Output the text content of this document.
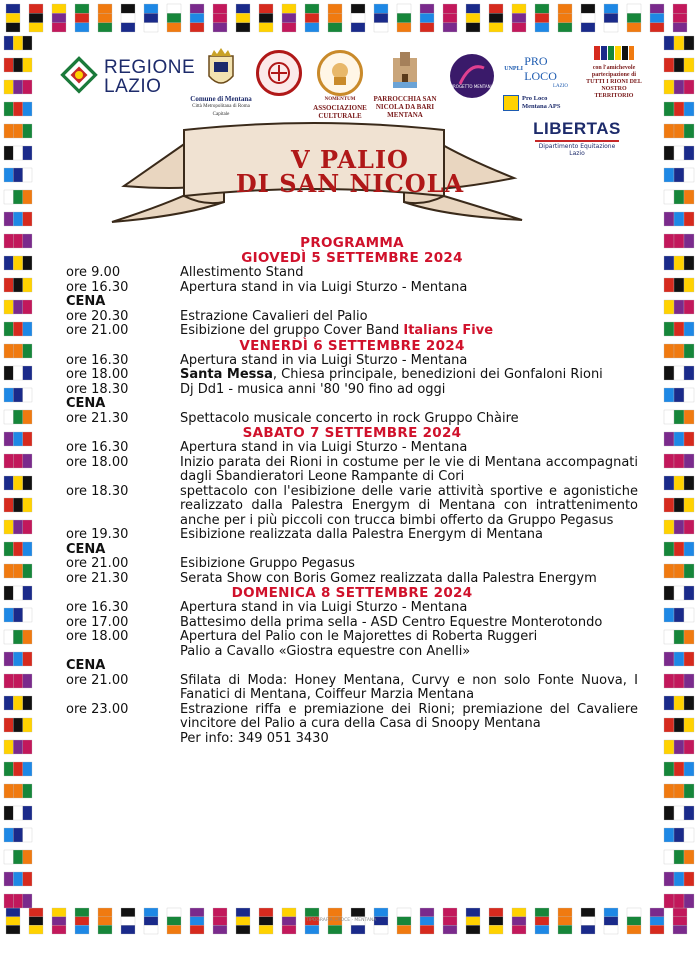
REGIONE
LAZIO
Comune di Mentana
Città Metropolitana di Roma Capitale
NOMENTUM
ASSOCIAZIONE CULTURALE
PARROCCHIA SAN NICOLA DA BARI MENTANA
PROGETTO MENTANA
UNPLI
PRO LOCO
LAZIO
Pro Loco Mentana APS
con l'amichevole partecipazione di TUTTI I RIONI DEL NOSTRO TERRITORIO
LIBERTAS
Dipartimento Equitazione Lazio
V PALIO
DI SAN NICOLA
PROGRAMMA
GIOVEDÌ 5 SETTEMBRE 2024
ore 9.00	Allestimento Stand
ore 16.30	Apertura stand in via Luigi Sturzo - Mentana
CENA
ore 20.30	Estrazione Cavalieri del Palio
ore 21.00	Esibizione del gruppo Cover Band Italians Five
VENERDÌ 6 SETTEMBRE 2024
ore 16.30	Apertura stand in via Luigi Sturzo - Mentana
ore 18.00	Santa Messa, Chiesa principale, benedizioni dei Gonfaloni Rioni
ore 18.30	Dj Dd1 - musica anni '80 '90 fino ad oggi
CENA
ore 21.30	Spettacolo musicale concerto in rock Gruppo Chàire
SABATO 7 SETTEMBRE 2024
ore 16.30	Apertura stand in via Luigi Sturzo - Mentana
ore 18.00	Inizio parata dei Rioni in costume per le vie di Mentana accompagnati dagli Sbandieratori Leone Rampante di Cori
ore 18.30	spettacolo con l'esibizione delle varie attività sportive e agonistiche realizzato dalla Palestra Energym di Mentana con intrattenimento anche per i più piccoli con trucca bimbi offerto da Gruppo Pegasus
ore 19.30	Esibizione realizzata dalla Palestra Energym di Mentana
CENA
ore 21.00	Esibizione Gruppo Pegasus
ore 21.30	Serata Show con Boris Gomez realizzata dalla Palestra Energym
DOMENICA 8 SETTEMBRE 2024
ore 16.30	Apertura stand in via Luigi Sturzo - Mentana
ore 17.00	Battesimo della prima sella - ASD Centro Equestre Monterotondo
ore 18.00	Apertura del Palio con le Majorettes di Roberta Ruggeri
Palio a Cavallo «Giostra equestre con Anelli»
CENA
ore 21.00	Sfilata di Moda: Honey Mentana, Curvy e non solo Fonte Nuova, I Fanatici di Mentana, Coiffeur Marzia Mentana
ore 23.00	Estrazione riffa e premiazione dei Rioni; premiazione del Cavaliere vincitore del Palio a cura della Casa di Snoopy Mentana
Per info: 349 051 3430
TIPOGRAFIA CROCE · MENTANA
